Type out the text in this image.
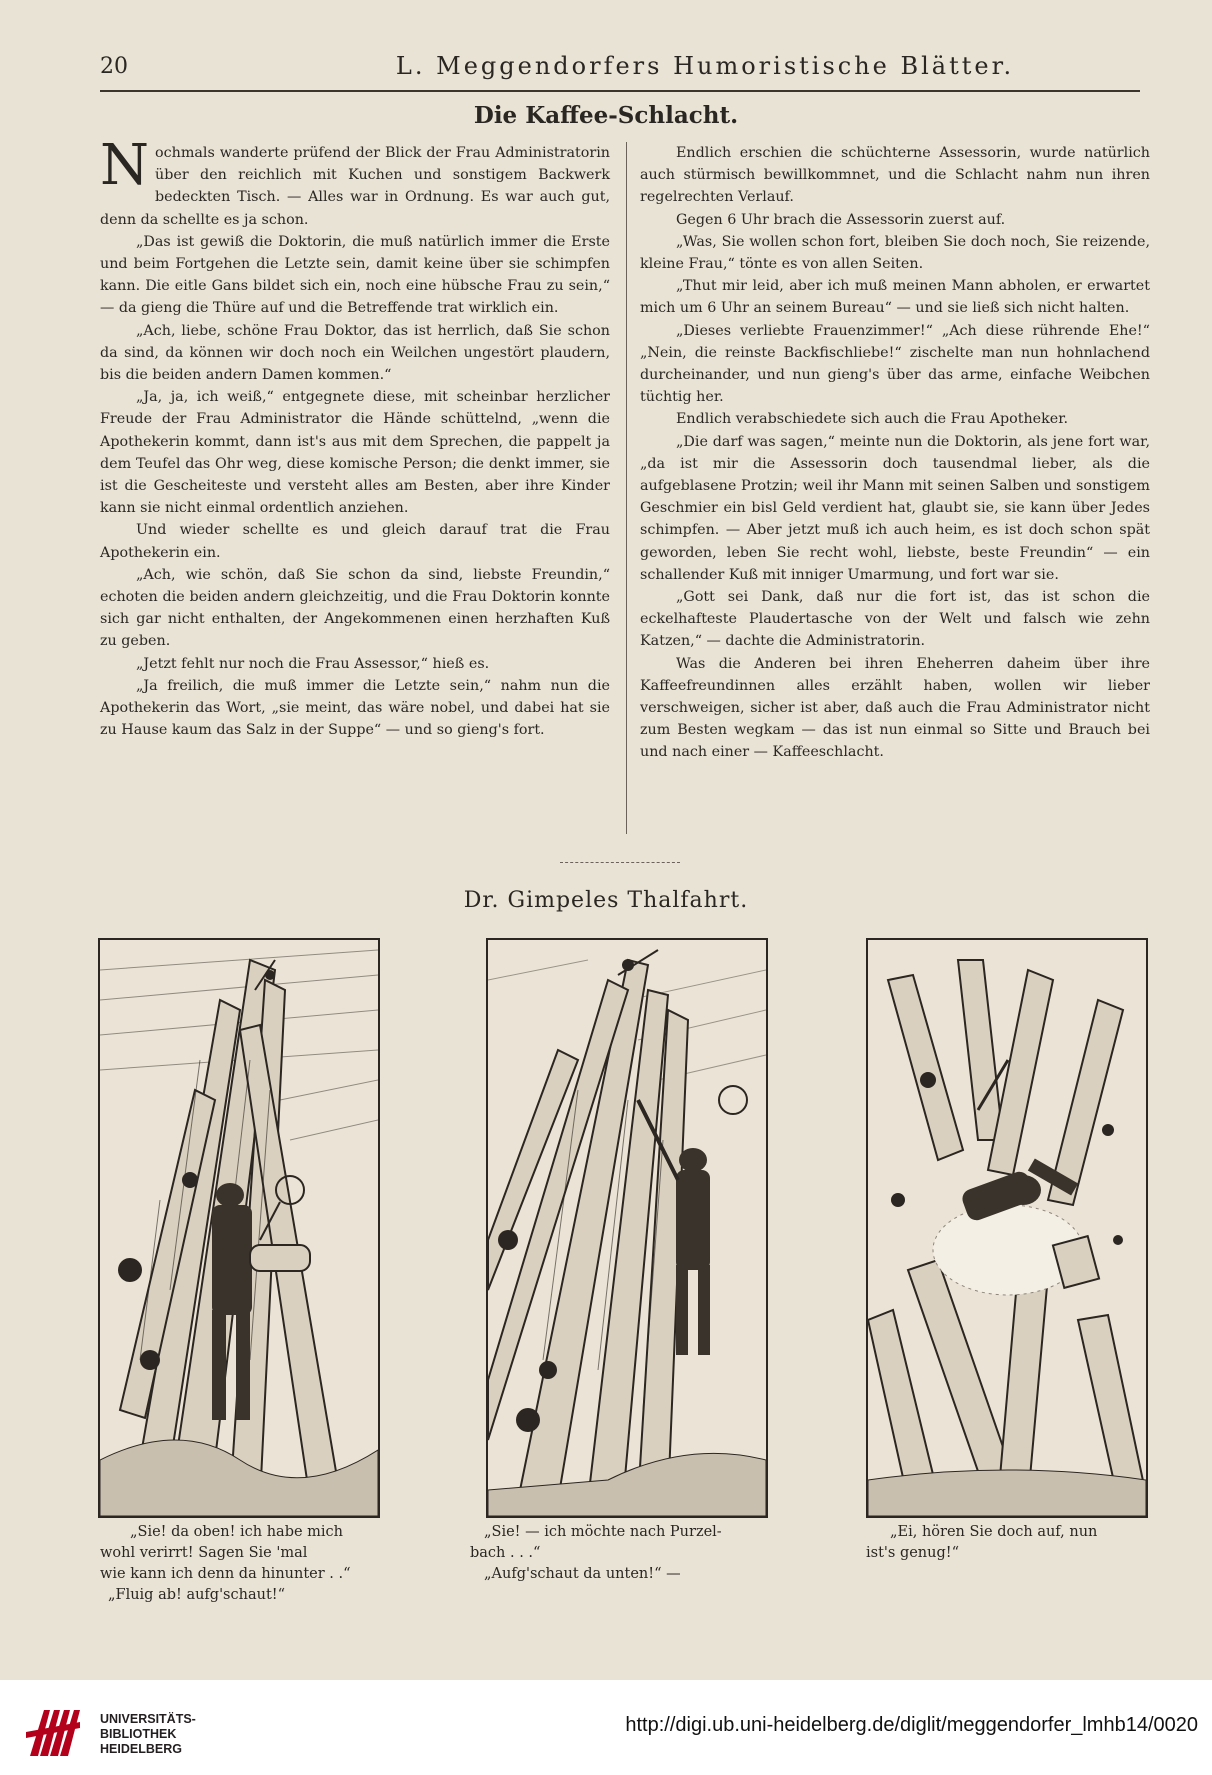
20	L. Meggendorfers Humoristische Blätter.
Die Kaffee-Schlacht.

Nochmals wanderte prüfend der Blick der Frau Administratorin über den reichlich mit Kuchen und sonstigem Backwerk bedeckten Tisch. — Alles war in Ordnung. Es war auch gut, denn da schellte es ja schon.

„Das ist gewiß die Doktorin, die muß natürlich immer die Erste und beim Fortgehen die Letzte sein, damit keine über sie schimpfen kann. Die eitle Gans bildet sich ein, noch eine hübsche Frau zu sein,“ — da gieng die Thüre auf und die Betreffende trat wirklich ein.

„Ach, liebe, schöne Frau Doktor, das ist herrlich, daß Sie schon da sind, da können wir doch noch ein Weilchen ungestört plaudern, bis die beiden andern Damen kommen.“

„Ja, ja, ich weiß,“ entgegnete diese, mit scheinbar herzlicher Freude der Frau Administrator die Hände schüttelnd, „wenn die Apothekerin kommt, dann ist's aus mit dem Sprechen, die pappelt ja dem Teufel das Ohr weg, diese komische Person; die denkt immer, sie ist die Gescheiteste und versteht alles am Besten, aber ihre Kinder kann sie nicht einmal ordentlich anziehen.

Und wieder schellte es und gleich darauf trat die Frau Apothekerin ein.

„Ach, wie schön, daß Sie schon da sind, liebste Freundin,“ echoten die beiden andern gleichzeitig, und die Frau Doktorin konnte sich gar nicht enthalten, der Angekommenen einen herzhaften Kuß zu geben.

„Jetzt fehlt nur noch die Frau Assessor,“ hieß es.

„Ja freilich, die muß immer die Letzte sein,“ nahm nun die Apothekerin das Wort, „sie meint, das wäre nobel, und dabei hat sie zu Hause kaum das Salz in der Suppe“ — und so gieng's fort.

Endlich erschien die schüchterne Assessorin, wurde natürlich auch stürmisch bewillkommnet, und die Schlacht nahm nun ihren regelrechten Verlauf.

Gegen 6 Uhr brach die Assessorin zuerst auf.

„Was, Sie wollen schon fort, bleiben Sie doch noch, Sie reizende, kleine Frau,“ tönte es von allen Seiten.

„Thut mir leid, aber ich muß meinen Mann abholen, er erwartet mich um 6 Uhr an seinem Bureau“ — und sie ließ sich nicht halten.

„Dieses verliebte Frauenzimmer!“ „Ach diese rührende Ehe!“ „Nein, die reinste Backfischliebe!“ zischelte man nun hohnlachend durcheinander, und nun gieng's über das arme, einfache Weibchen tüchtig her.

Endlich verabschiedete sich auch die Frau Apotheker.

„Die darf was sagen,“ meinte nun die Doktorin, als jene fort war, „da ist mir die Assessorin doch tausendmal lieber, als die aufgeblasene Protzin; weil ihr Mann mit seinen Salben und sonstigem Geschmier ein bisl Geld verdient hat, glaubt sie, sie kann über Jedes schimpfen. — Aber jetzt muß ich auch heim, es ist doch schon spät geworden, leben Sie recht wohl, liebste, beste Freundin“ — ein schallender Kuß mit inniger Umarmung, und fort war sie.

„Gott sei Dank, daß nur die fort ist, das ist schon die eckelhafteste Plaudertasche von der Welt und falsch wie zehn Katzen,“ — dachte die Administratorin.

Was die Anderen bei ihren Eheherren daheim über ihre Kaffeefreundinnen alles erzählt haben, wollen wir lieber verschweigen, sicher ist aber, daß auch die Frau Administrator nicht zum Besten wegkam — das ist nun einmal so Sitte und Brauch bei und nach einer — Kaffeeschlacht.

Dr. Gimpeles Thalfahrt.
„Sie! da oben! ich habe mich
wohl verirrt! Sagen Sie 'mal
wie kann ich denn da hinunter . .“
„Fluig ab! aufg'schaut!“
„Sie! — ich möchte nach Purzel-
bach . . .“
„Aufg'schaut da unten!“ —
„Ei, hören Sie doch auf, nun
ist's genug!“
UNIVERSITÄTS-
BIBLIOTHEK
HEIDELBERG
http://digi.ub.uni-heidelberg.de/diglit/meggendorfer_lmhb14/0020
